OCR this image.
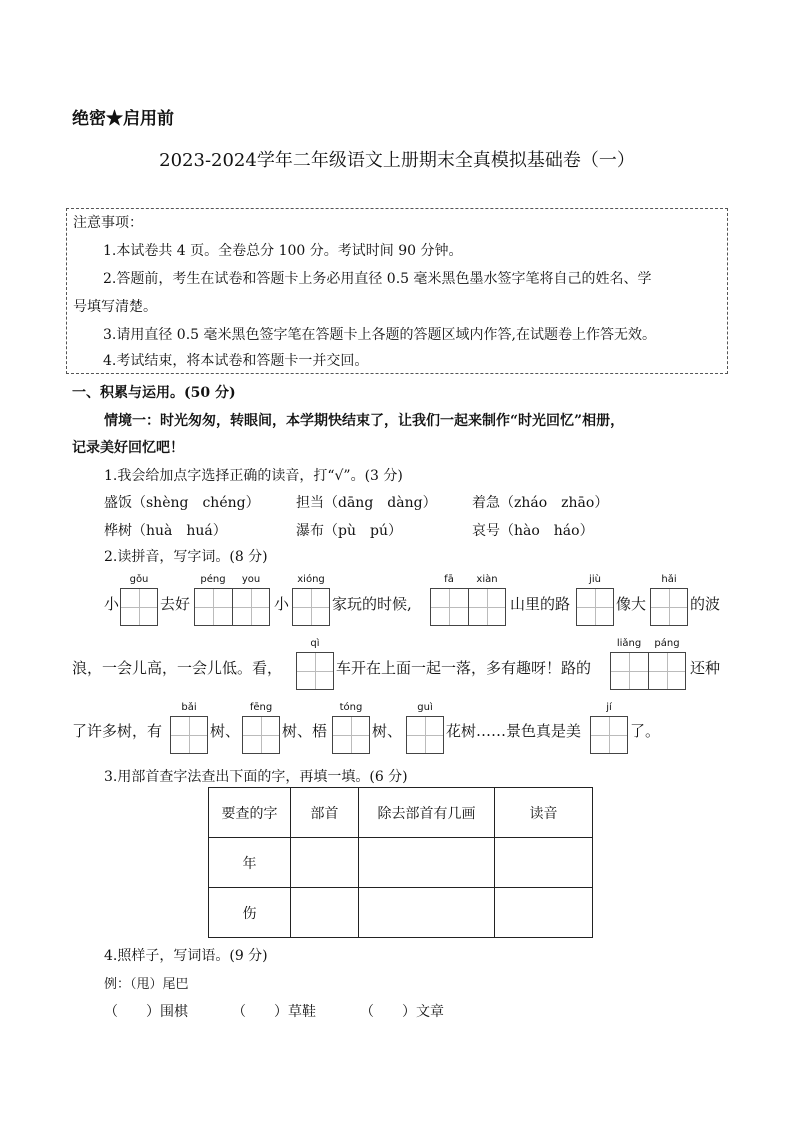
绝密★启用前
2023-2024学年二年级语文上册期末全真模拟基础卷（一）
注意事项：
1.本试卷共 4 页。全卷总分 100 分。考试时间 90 分钟。
2.答题前，考生在试卷和答题卡上务必用直径 0.5 毫米黑色墨水签字笔将自己的姓名、学
号填写清楚。
3.请用直径 0.5 毫米黑色签字笔在答题卡上各题的答题区域内作答,在试题卷上作答无效。
4.考试结束，将本试卷和答题卡一并交回。
一、积累与运用。(50 分)
情境一：时光匆匆，转眼间，本学期快结束了，让我们一起来制作“时光回忆”相册，
记录美好回忆吧！
1.我会给加点字选择正确的读音，打“√”。(3 分)
盛饭（shèng　chéng）	担当（dāng　dàng）	着急（zháo　zhāo）
桦树（huà　huá）	瀑布（pù　pú）	哀号（hào　háo）
2.读拼音，写字词。(8 分)
gǒu	péng	you	xióng	fā	xiàn	jiù	hǎi
小	去好	小	家玩的时候,	山里的路	像大	的波
浪，一会儿高，一会儿低。看，
qì
车开在上面一起一落，多有趣呀！路的
liǎng	páng
还种
了许多树，有
bǎi
树、
fēng
树、梧
tóng
树、
guì
花树……景色真是美
jí
了。
3.用部首查字法查出下面的字，再填一填。(6 分)
要查的字	部首	除去部首有几画	读音
年			
伤			
4.照样子，写词语。(9 分)
例：（甩）尾巴
（　　）围棋	（　　）草鞋	（　　）文章
